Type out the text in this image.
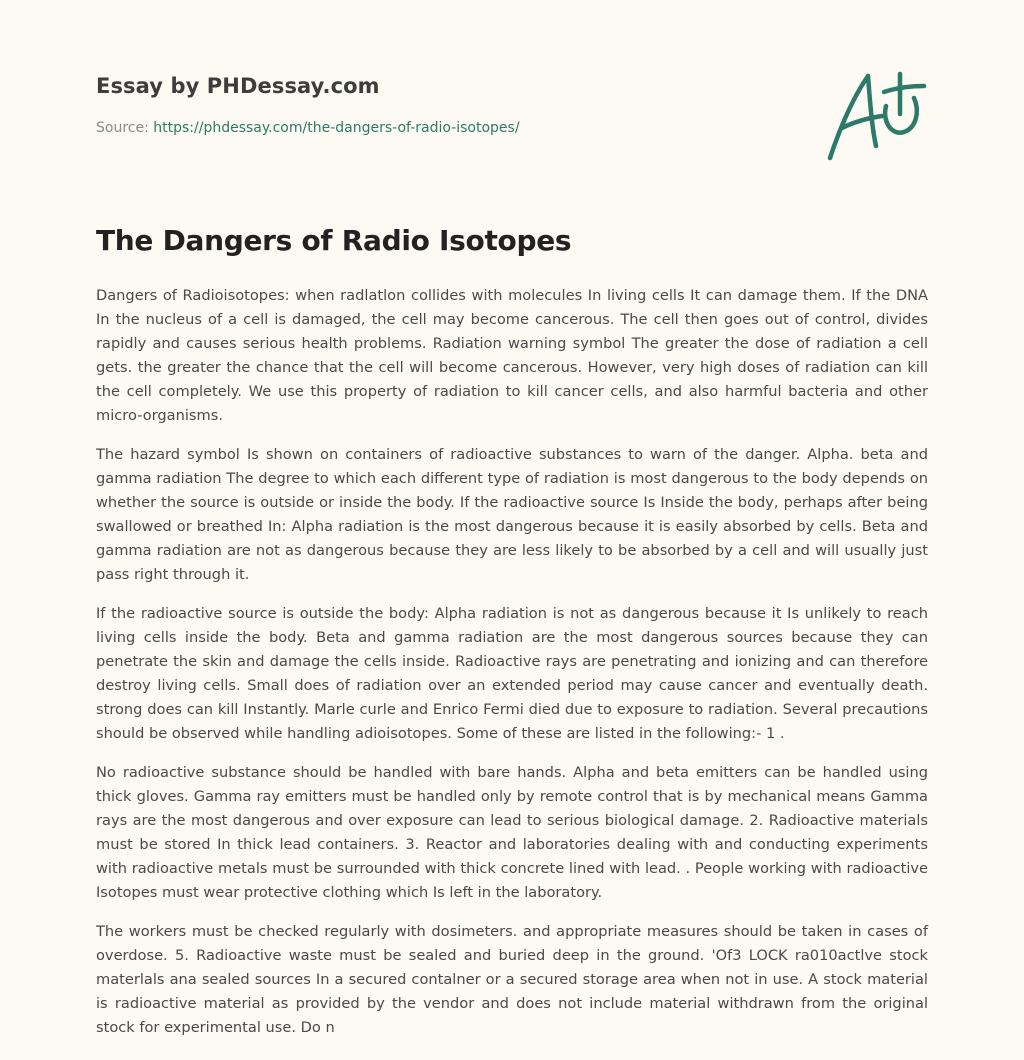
Essay by PHDessay.com
Source: https://phdessay.com/the-dangers-of-radio-isotopes/
The Dangers of Radio Isotopes

Dangers of Radioisotopes: when radlatlon collides with molecules In living cells It can damage them. If the DNA In the nucleus of a cell is damaged, the cell may become cancerous. The cell then goes out of control, divides rapidly and causes serious health problems. Radiation warning symbol The greater the dose of radiation a cell gets. the greater the chance that the cell will become cancerous. However, very high doses of radiation can kill the cell completely. We use this property of radiation to kill cancer cells, and also harmful bacteria and other micro-organisms.

The hazard symbol Is shown on containers of radioactive substances to warn of the danger. Alpha. beta and gamma radiation The degree to which each different type of radiation is most dangerous to the body depends on whether the source is outside or inside the body. If the radioactive source Is Inside the body, perhaps after being swallowed or breathed In: Alpha radiation is the most dangerous because it is easily absorbed by cells. Beta and gamma radiation are not as dangerous because they are less likely to be absorbed by a cell and will usually just pass right through it.

If the radioactive source is outside the body: Alpha radiation is not as dangerous because it Is unlikely to reach living cells inside the body. Beta and gamma radiation are the most dangerous sources because they can penetrate the skin and damage the cells inside. Radioactive rays are penetrating and ionizing and can therefore destroy living cells. Small does of radiation over an extended period may cause cancer and eventually death. strong does can kill Instantly. Marle curle and Enrico Fermi died due to exposure to radiation. Several precautions should be observed while handling adioisotopes. Some of these are listed in the following:- 1 .

No radioactive substance should be handled with bare hands. Alpha and beta emitters can be handled using thick gloves. Gamma ray emitters must be handled only by remote control that is by mechanical means Gamma rays are the most dangerous and over exposure can lead to serious biological damage. 2. Radioactive materials must be stored In thick lead containers. 3. Reactor and laboratories dealing with and conducting experiments with radioactive metals must be surrounded with thick concrete lined with lead. . People working with radioactive Isotopes must wear protective clothing which Is left in the laboratory.

The workers must be checked regularly with dosimeters. and appropriate measures should be taken in cases of overdose. 5. Radioactive waste must be sealed and buried deep in the ground. 'Of3 LOCK ra010actlve stock materlals ana sealed sources In a secured contalner or a secured storage area when not in use. A stock material is radioactive material as provided by the vendor and does not include material withdrawn from the original stock for experimental use. Do n
